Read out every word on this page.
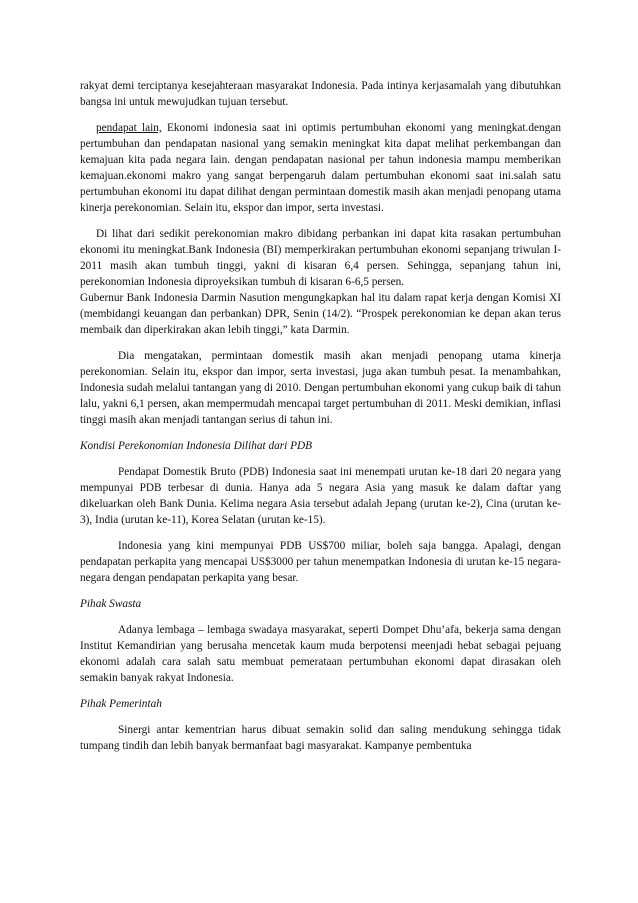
rakyat demi terciptanya kesejahteraan masyarakat Indonesia. Pada intinya kerjasamalah yang dibutuhkan bangsa ini untuk mewujudkan tujuan tersebut.

pendapat lain, Ekonomi indonesia saat ini optimis pertumbuhan ekonomi yang meningkat.dengan pertumbuhan dan pendapatan nasional yang semakin meningkat kita dapat melihat perkembangan dan kemajuan kita pada negara lain. dengan pendapatan nasional per tahun indonesia mampu memberikan kemajuan.ekonomi makro yang sangat berpengaruh dalam pertumbuhan ekonomi saat ini.salah satu pertumbuhan ekonomi itu dapat dilihat dengan permintaan domestik masih akan menjadi penopang utama kinerja perekonomian. Selain itu, ekspor dan impor, serta investasi.

Di lihat dari sedikit perekonomian makro dibidang perbankan ini dapat kita rasakan pertumbuhan ekonomi itu meningkat.Bank Indonesia (BI) memperkirakan pertumbuhan ekonomi sepanjang triwulan I-2011 masih akan tumbuh tinggi, yakni di kisaran 6,4 persen. Sehingga, sepanjang tahun ini, perekonomian Indonesia diproyeksikan tumbuh di kisaran 6-6,5 persen.

Gubernur Bank Indonesia Darmin Nasution mengungkapkan hal itu dalam rapat kerja dengan Komisi XI (membidangi keuangan dan perbankan) DPR, Senin (14/2). “Prospek perekonomian ke depan akan terus membaik dan diperkirakan akan lebih tinggi,” kata Darmin.

Dia mengatakan, permintaan domestik masih akan menjadi penopang utama kinerja perekonomian. Selain itu, ekspor dan impor, serta investasi, juga akan tumbuh pesat. Ia menambahkan, Indonesia sudah melalui tantangan yang di 2010. Dengan pertumbuhan ekonomi yang cukup baik di tahun lalu, yakni 6,1 persen, akan mempermudah mencapai target pertumbuhan di 2011. Meski demikian, inflasi tinggi masih akan menjadi tantangan serius di tahun ini.

Kondisi Perekonomian Indonesia Dilihat dari PDB

Pendapat Domestik Bruto (PDB) Indonesia saat ini menempati urutan ke-18 dari 20 negara yang mempunyai PDB terbesar di dunia. Hanya ada 5 negara Asia yang masuk ke dalam daftar yang dikeluarkan oleh Bank Dunia. Kelima negara Asia tersebut adalah Jepang (urutan ke-2), Cina (urutan ke-3), India (urutan ke-11), Korea Selatan (urutan ke-15).

Indonesia yang kini mempunyai PDB US$700 miliar, boleh saja bangga. Apalagi, dengan pendapatan perkapita yang mencapai US$3000 per tahun menempatkan Indonesia di urutan ke-15 negara-negara dengan pendapatan perkapita yang besar.

Pihak Swasta

Adanya lembaga – lembaga swadaya masyarakat, seperti Dompet Dhu’afa, bekerja sama dengan Institut Kemandirian yang berusaha mencetak kaum muda berpotensi meenjadi hebat sebagai pejuang ekonomi adalah cara salah satu membuat pemerataan pertumbuhan ekonomi dapat dirasakan oleh semakin banyak rakyat Indonesia.

Pihak Pemerintah

Sinergi antar kementrian harus dibuat semakin solid dan saling mendukung sehingga tidak tumpang tindih dan lebih banyak bermanfaat bagi masyarakat. Kampanye pembentuka
